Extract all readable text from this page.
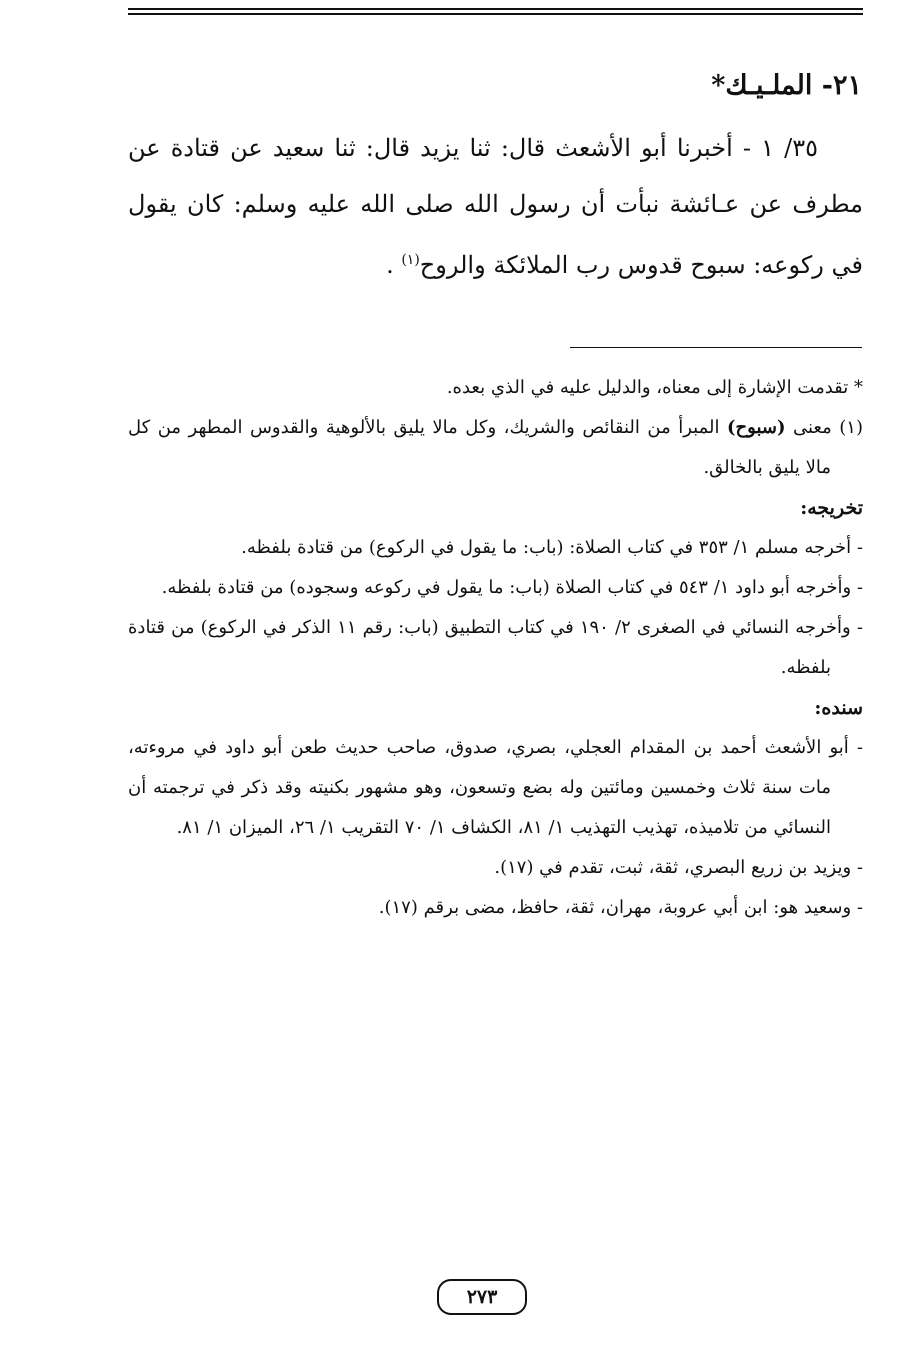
٢١- الملـيـك*

٣٥/ ١ - أخبرنا أبو الأشعث قال: ثنا يزيد قال: ثنا سعيد عن قتادة عن مطرف عن عـائشة نبأت أن رسول الله صلى الله عليه وسلم: كان يقول في ركوعه: سبوح قدوس رب الملائكة والروح$^{(١)}$ .

* تقدمت الإشارة إلى معناه، والدليل عليه في الذي بعده.

(١) معنى (سبوح) المبرأ من النقائص والشريك، وكل مالا يليق بالألوهية والقدوس المطهر من كل مالا يليق بالخالق.

تخريجه:

- أخرجه مسلم ١/ ٣٥٣ في كتاب الصلاة: (باب: ما يقول في الركوع) من قتادة بلفظه.

- وأخرجه أبو داود ١/ ٥٤٣ في كتاب الصلاة (باب: ما يقول في ركوعه وسجوده) من قتادة بلفظه.

- وأخرجه النسائي في الصغرى ٢/ ١٩٠ في كتاب التطبيق (باب: رقم ١١ الذكر في الركوع) من قتادة بلفظه.

سنده:

- أبو الأشعث أحمد بن المقدام العجلي، بصري، صدوق، صاحب حديث طعن أبو داود في مروءته، مات سنة ثلاث وخمسين ومائتين وله بضع وتسعون، وهو مشهور بكنيته وقد ذكر في ترجمته أن النسائي من تلاميذه، تهذيب التهذيب ١/ ٨١، الكشاف ١/ ٧٠ التقريب ١/ ٢٦، الميزان ١/ ٨١.

- ويزيد بن زريع البصري، ثقة، ثبت، تقدم في (١٧).

- وسعيد هو: ابن أبي عروبة، مهران، ثقة، حافظ، مضى برقم (١٧).

٢٧٣
